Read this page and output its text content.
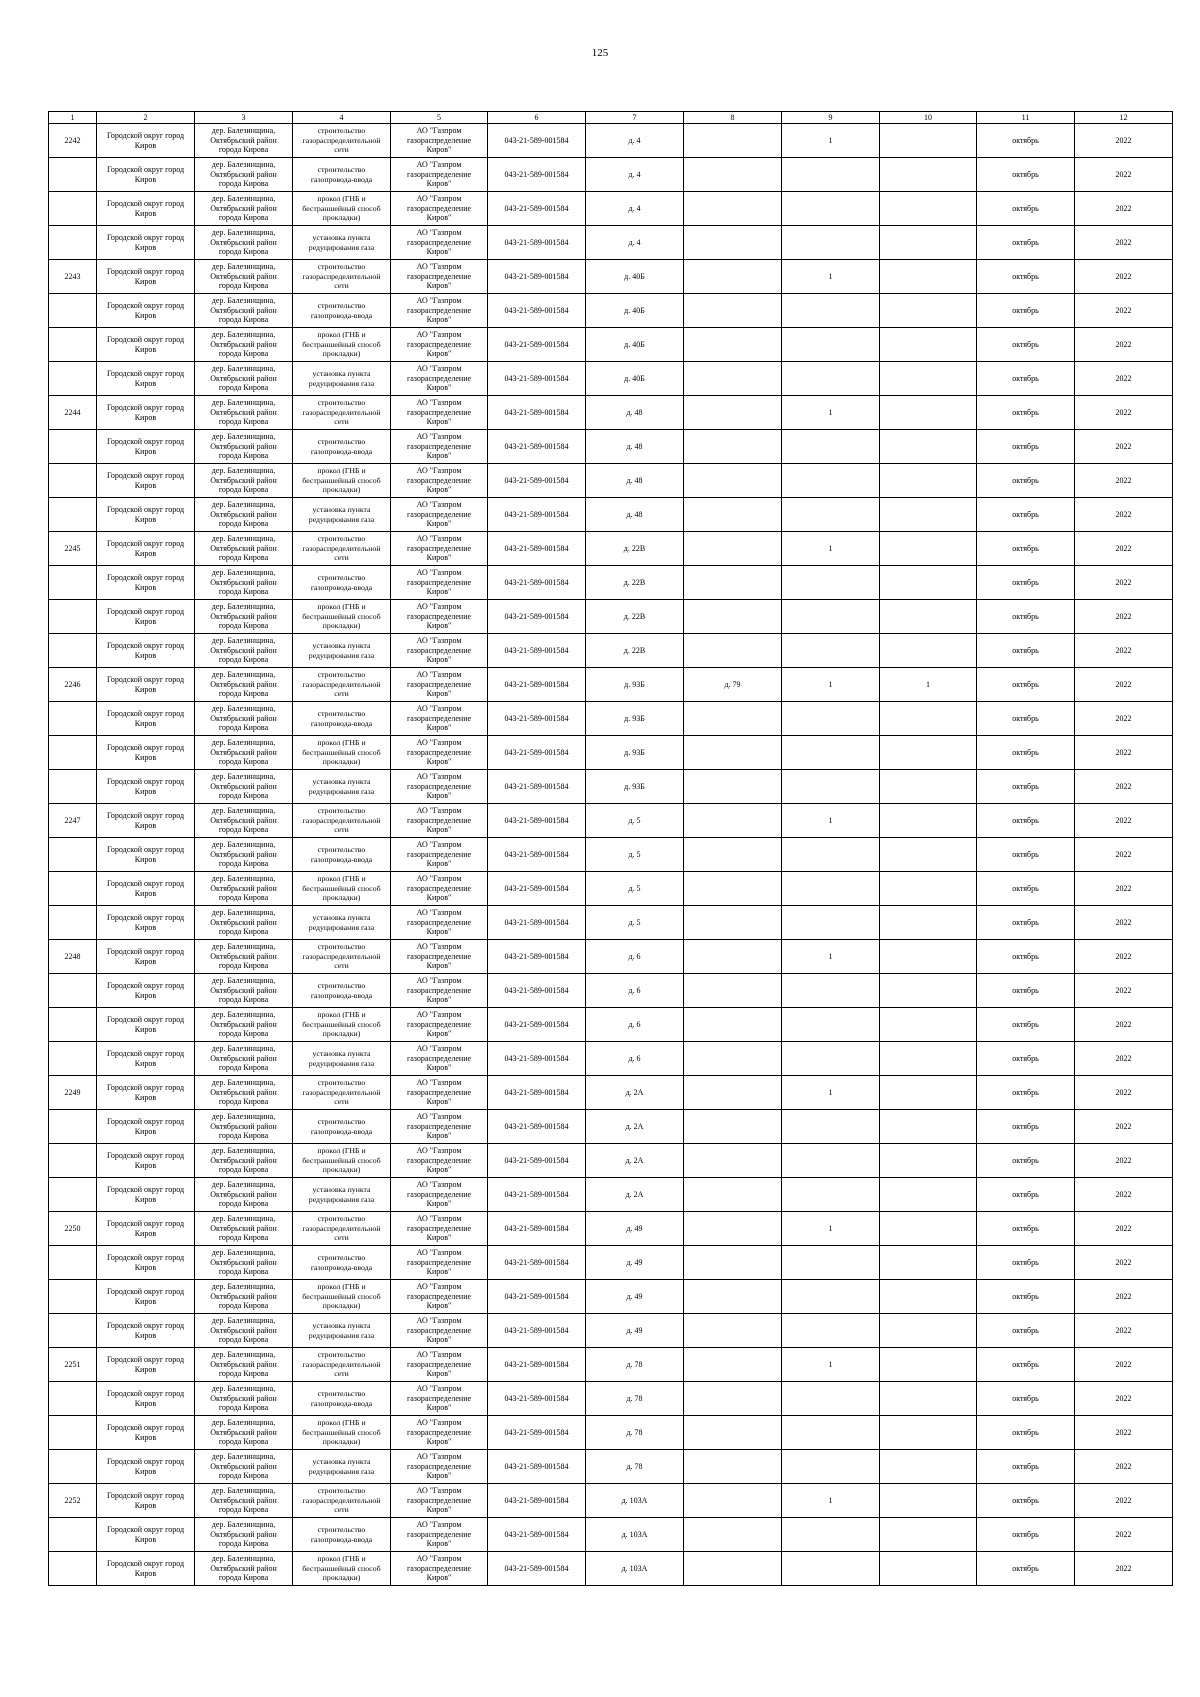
125
1	2	3	4	5	6	7	8	9	10	11	12

2242	Городской округ город
Киров	дер. Балезинщина,
Октябрьский район
города Кирова	строительство
газораспределительной
сети	АО "Газпром
газораспределение
Киров"	043-21-589-001584	д. 4		1		октябрь	2022

	Городской округ город
Киров	дер. Балезинщина,
Октябрьский район
города Кирова	строительство
газопровода-ввода	АО "Газпром
газораспределение
Киров"	043-21-589-001584	д. 4				октябрь	2022

	Городской округ город
Киров	дер. Балезинщина,
Октябрьский район
города Кирова	прокол (ГНБ и
бестраншейный способ
прокладки)	АО "Газпром
газораспределение
Киров"	043-21-589-001584	д. 4				октябрь	2022

	Городской округ город
Киров	дер. Балезинщина,
Октябрьский район
города Кирова	установка пункта
редуцирования газа	АО "Газпром
газораспределение
Киров"	043-21-589-001584	д. 4				октябрь	2022

2243	Городской округ город
Киров	дер. Балезинщина,
Октябрьский район
города Кирова	строительство
газораспределительной
сети	АО "Газпром
газораспределение
Киров"	043-21-589-001584	д. 40Б		1		октябрь	2022

	Городской округ город
Киров	дер. Балезинщина,
Октябрьский район
города Кирова	строительство
газопровода-ввода	АО "Газпром
газораспределение
Киров"	043-21-589-001584	д. 40Б				октябрь	2022

	Городской округ город
Киров	дер. Балезинщина,
Октябрьский район
города Кирова	прокол (ГНБ и
бестраншейный способ
прокладки)	АО "Газпром
газораспределение
Киров"	043-21-589-001584	д. 40Б				октябрь	2022

	Городской округ город
Киров	дер. Балезинщина,
Октябрьский район
города Кирова	установка пункта
редуцирования газа	АО "Газпром
газораспределение
Киров"	043-21-589-001584	д. 40Б				октябрь	2022

2244	Городской округ город
Киров	дер. Балезинщина,
Октябрьский район
города Кирова	строительство
газораспределительной
сети	АО "Газпром
газораспределение
Киров"	043-21-589-001584	д. 48		1		октябрь	2022

	Городской округ город
Киров	дер. Балезинщина,
Октябрьский район
города Кирова	строительство
газопровода-ввода	АО "Газпром
газораспределение
Киров"	043-21-589-001584	д. 48				октябрь	2022

	Городской округ город
Киров	дер. Балезинщина,
Октябрьский район
города Кирова	прокол (ГНБ и
бестраншейный способ
прокладки)	АО "Газпром
газораспределение
Киров"	043-21-589-001584	д. 48				октябрь	2022

	Городской округ город
Киров	дер. Балезинщина,
Октябрьский район
города Кирова	установка пункта
редуцирования газа	АО "Газпром
газораспределение
Киров"	043-21-589-001584	д. 48				октябрь	2022

2245	Городской округ город
Киров	дер. Балезинщина,
Октябрьский район
города Кирова	строительство
газораспределительной
сети	АО "Газпром
газораспределение
Киров"	043-21-589-001584	д. 22В		1		октябрь	2022

	Городской округ город
Киров	дер. Балезинщина,
Октябрьский район
города Кирова	строительство
газопровода-ввода	АО "Газпром
газораспределение
Киров"	043-21-589-001584	д. 22В				октябрь	2022

	Городской округ город
Киров	дер. Балезинщина,
Октябрьский район
города Кирова	прокол (ГНБ и
бестраншейный способ
прокладки)	АО "Газпром
газораспределение
Киров"	043-21-589-001584	д. 22В				октябрь	2022

	Городской округ город
Киров	дер. Балезинщина,
Октябрьский район
города Кирова	установка пункта
редуцирования газа	АО "Газпром
газораспределение
Киров"	043-21-589-001584	д. 22В				октябрь	2022

2246	Городской округ город
Киров	дер. Балезинщина,
Октябрьский район
города Кирова	строительство
газораспределительной
сети	АО "Газпром
газораспределение
Киров"	043-21-589-001584	д. 93Б	д. 79	1	1	октябрь	2022

	Городской округ город
Киров	дер. Балезинщина,
Октябрьский район
города Кирова	строительство
газопровода-ввода	АО "Газпром
газораспределение
Киров"	043-21-589-001584	д. 93Б				октябрь	2022

	Городской округ город
Киров	дер. Балезинщина,
Октябрьский район
города Кирова	прокол (ГНБ и
бестраншейный способ
прокладки)	АО "Газпром
газораспределение
Киров"	043-21-589-001584	д. 93Б				октябрь	2022

	Городской округ город
Киров	дер. Балезинщина,
Октябрьский район
города Кирова	установка пункта
редуцирования газа	АО "Газпром
газораспределение
Киров"	043-21-589-001584	д. 93Б				октябрь	2022

2247	Городской округ город
Киров	дер. Балезинщина,
Октябрьский район
города Кирова	строительство
газораспределительной
сети	АО "Газпром
газораспределение
Киров"	043-21-589-001584	д. 5		1		октябрь	2022

	Городской округ город
Киров	дер. Балезинщина,
Октябрьский район
города Кирова	строительство
газопровода-ввода	АО "Газпром
газораспределение
Киров"	043-21-589-001584	д. 5				октябрь	2022

	Городской округ город
Киров	дер. Балезинщина,
Октябрьский район
города Кирова	прокол (ГНБ и
бестраншейный способ
прокладки)	АО "Газпром
газораспределение
Киров"	043-21-589-001584	д. 5				октябрь	2022

	Городской округ город
Киров	дер. Балезинщина,
Октябрьский район
города Кирова	установка пункта
редуцирования газа	АО "Газпром
газораспределение
Киров"	043-21-589-001584	д. 5				октябрь	2022

2248	Городской округ город
Киров	дер. Балезинщина,
Октябрьский район
города Кирова	строительство
газораспределительной
сети	АО "Газпром
газораспределение
Киров"	043-21-589-001584	д. 6		1		октябрь	2022

	Городской округ город
Киров	дер. Балезинщина,
Октябрьский район
города Кирова	строительство
газопровода-ввода	АО "Газпром
газораспределение
Киров"	043-21-589-001584	д. 6				октябрь	2022

	Городской округ город
Киров	дер. Балезинщина,
Октябрьский район
города Кирова	прокол (ГНБ и
бестраншейный способ
прокладки)	АО "Газпром
газораспределение
Киров"	043-21-589-001584	д. 6				октябрь	2022

	Городской округ город
Киров	дер. Балезинщина,
Октябрьский район
города Кирова	установка пункта
редуцирования газа	АО "Газпром
газораспределение
Киров"	043-21-589-001584	д. 6				октябрь	2022

2249	Городской округ город
Киров	дер. Балезинщина,
Октябрьский район
города Кирова	строительство
газораспределительной
сети	АО "Газпром
газораспределение
Киров"	043-21-589-001584	д. 2А		1		октябрь	2022

	Городской округ город
Киров	дер. Балезинщина,
Октябрьский район
города Кирова	строительство
газопровода-ввода	АО "Газпром
газораспределение
Киров"	043-21-589-001584	д. 2А				октябрь	2022

	Городской округ город
Киров	дер. Балезинщина,
Октябрьский район
города Кирова	прокол (ГНБ и
бестраншейный способ
прокладки)	АО "Газпром
газораспределение
Киров"	043-21-589-001584	д. 2А				октябрь	2022

	Городской округ город
Киров	дер. Балезинщина,
Октябрьский район
города Кирова	установка пункта
редуцирования газа	АО "Газпром
газораспределение
Киров"	043-21-589-001584	д. 2А				октябрь	2022

2250	Городской округ город
Киров	дер. Балезинщина,
Октябрьский район
города Кирова	строительство
газораспределительной
сети	АО "Газпром
газораспределение
Киров"	043-21-589-001584	д. 49		1		октябрь	2022

	Городской округ город
Киров	дер. Балезинщина,
Октябрьский район
города Кирова	строительство
газопровода-ввода	АО "Газпром
газораспределение
Киров"	043-21-589-001584	д. 49				октябрь	2022

	Городской округ город
Киров	дер. Балезинщина,
Октябрьский район
города Кирова	прокол (ГНБ и
бестраншейный способ
прокладки)	АО "Газпром
газораспределение
Киров"	043-21-589-001584	д. 49				октябрь	2022

	Городской округ город
Киров	дер. Балезинщина,
Октябрьский район
города Кирова	установка пункта
редуцирования газа	АО "Газпром
газораспределение
Киров"	043-21-589-001584	д. 49				октябрь	2022

2251	Городской округ город
Киров	дер. Балезинщина,
Октябрьский район
города Кирова	строительство
газораспределительной
сети	АО "Газпром
газораспределение
Киров"	043-21-589-001584	д. 78		1		октябрь	2022

	Городской округ город
Киров	дер. Балезинщина,
Октябрьский район
города Кирова	строительство
газопровода-ввода	АО "Газпром
газораспределение
Киров"	043-21-589-001584	д. 78				октябрь	2022

	Городской округ город
Киров	дер. Балезинщина,
Октябрьский район
города Кирова	прокол (ГНБ и
бестраншейный способ
прокладки)	АО "Газпром
газораспределение
Киров"	043-21-589-001584	д. 78				октябрь	2022

	Городской округ город
Киров	дер. Балезинщина,
Октябрьский район
города Кирова	установка пункта
редуцирования газа	АО "Газпром
газораспределение
Киров"	043-21-589-001584	д. 78				октябрь	2022

2252	Городской округ город
Киров	дер. Балезинщина,
Октябрьский район
города Кирова	строительство
газораспределительной
сети	АО "Газпром
газораспределение
Киров"	043-21-589-001584	д. 103А		1		октябрь	2022

	Городской округ город
Киров	дер. Балезинщина,
Октябрьский район
города Кирова	строительство
газопровода-ввода	АО "Газпром
газораспределение
Киров"	043-21-589-001584	д. 103А				октябрь	2022

	Городской округ город
Киров	дер. Балезинщина,
Октябрьский район
города Кирова	прокол (ГНБ и
бестраншейный способ
прокладки)	АО "Газпром
газораспределение
Киров"	043-21-589-001584	д. 103А				октябрь	2022
